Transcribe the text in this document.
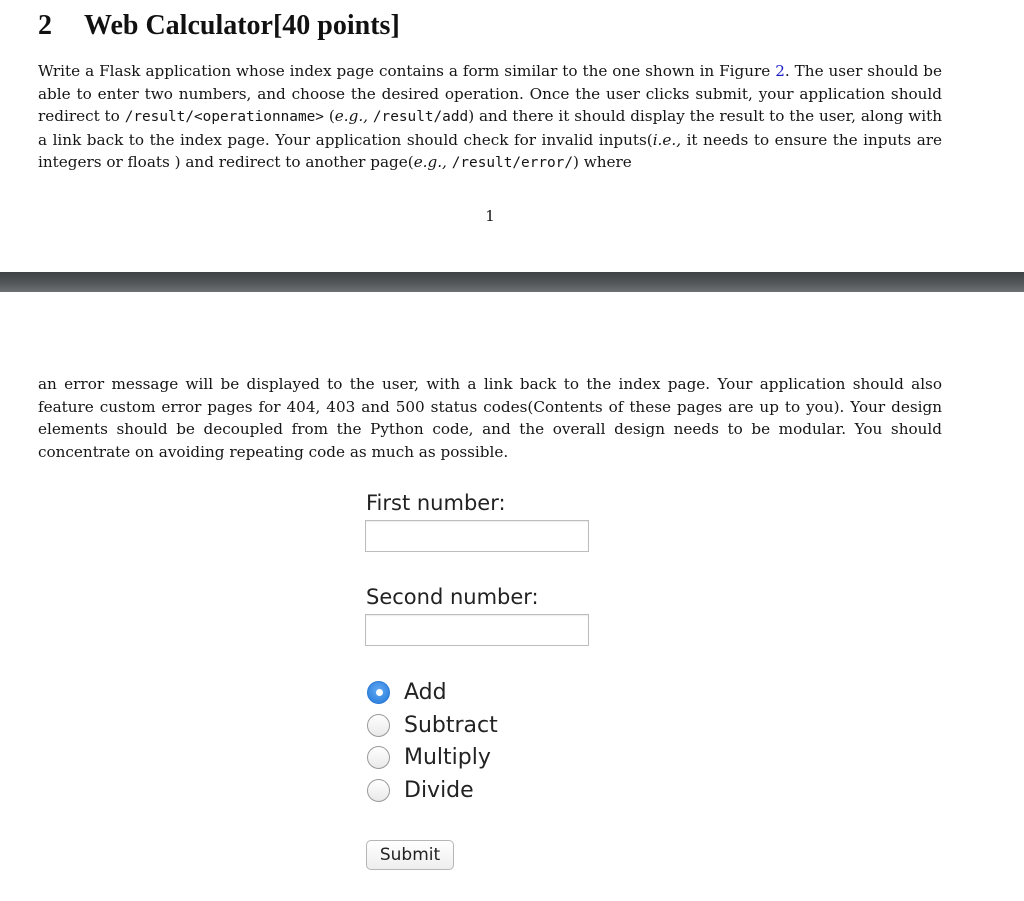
2 Web Calculator[40 points]

Write a Flask application whose index page contains a form similar to the one shown in Figure 2. The user should be able to enter two numbers, and choose the desired operation. Once the user clicks submit, your application should redirect to /result/<operationname> (e.g., /result/add) and there it should display the result to the user, along with a link back to the index page. Your application should check for invalid inputs(i.e., it needs to ensure the inputs are integers or floats ) and redirect to another page(e.g., /result/error/) where

1

an error message will be displayed to the user, with a link back to the index page. Your application should also feature custom error pages for 404, 403 and 500 status codes(Contents of these pages are up to you). Your design elements should be decoupled from the Python code, and the overall design needs to be modular. You should concentrate on avoiding repeating code as much as possible.

First number:
Second number:
Add
Subtract
Multiply
Divide
Submit
